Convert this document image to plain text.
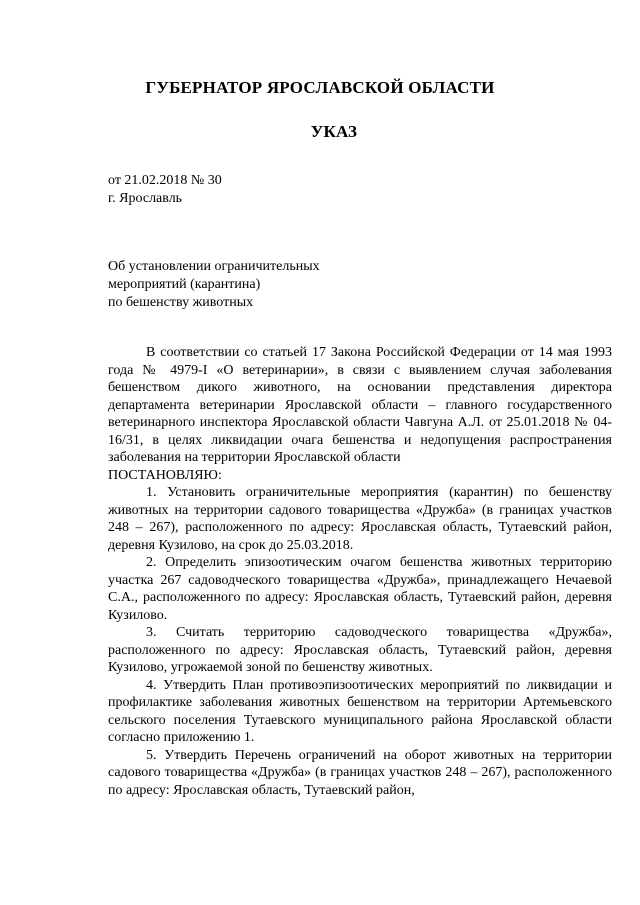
ГУБЕРНАТОР ЯРОСЛАВСКОЙ ОБЛАСТИ
УКАЗ
от 21.02.2018 № 30
г. Ярославль
Об установлении ограничительных
мероприятий (карантина)
по бешенству животных

В соответствии со статьей 17 Закона Российской Федерации от 14 мая 1993 года № 4979-I «О ветеринарии», в связи с выявлением случая заболевания бешенством дикого животного, на основании представления директора департамента ветеринарии Ярославской области – главного государственного ветеринарного инспектора Ярославской области Чавгуна А.Л. от 25.01.2018 № 04-16/31, в целях ликвидации очага бешенства и недопущения распространения заболевания на территории Ярославской области

ПОСТАНОВЛЯЮ:

1. Установить ограничительные мероприятия (карантин) по бешенству животных на территории садового товарищества «Дружба» (в границах участков 248 – 267), расположенного по адресу: Ярославская область, Тутаевский район, деревня Кузилово, на срок до 25.03.2018.

2. Определить эпизоотическим очагом бешенства животных территорию участка 267 садоводческого товарищества «Дружба», принадлежащего Нечаевой С.А., расположенного по адресу: Ярославская область, Тутаевский район, деревня Кузилово.

3. Считать территорию садоводческого товарищества «Дружба», расположенного по адресу: Ярославская область, Тутаевский район, деревня Кузилово, угрожаемой зоной по бешенству животных.

4. Утвердить План противоэпизоотических мероприятий по ликвидации и профилактике заболевания животных бешенством на территории Артемьевского сельского поселения Тутаевского муниципального района Ярославской области согласно приложению 1.

5. Утвердить Перечень ограничений на оборот животных на территории садового товарищества «Дружба» (в границах участков 248 – 267), расположенного по адресу: Ярославская область, Тутаевский район,
